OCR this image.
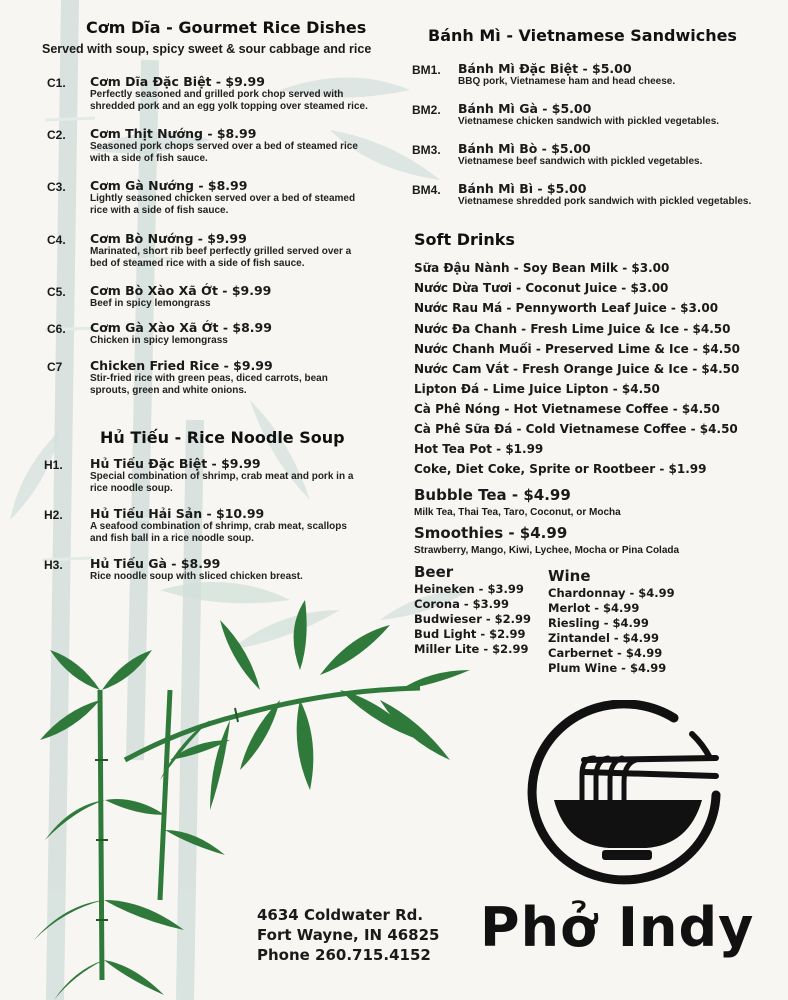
Cơm Dĩa - Gourmet Rice Dishes
Served with soup, spicy sweet & sour cabbage and rice
C1. Cơm Dĩa Đặc Biệt - $9.99
Perfectly seasoned and grilled pork chop served with
shredded pork and an egg yolk topping over steamed rice.
C2. Cơm Thịt Nướng - $8.99
Seasoned pork chops served over a bed of steamed rice
with a side of fish sauce.
C3. Cơm Gà Nướng - $8.99
Lightly seasoned chicken served over a bed of steamed
rice with a side of fish sauce.
C4. Cơm Bò Nướng - $9.99
Marinated, short rib beef perfectly grilled served over a
bed of steamed rice with a side of fish sauce.
C5. Cơm Bò Xào Xã Ớt - $9.99
Beef in spicy lemongrass
C6. Cơm Gà Xào Xã Ớt - $8.99
Chicken in spicy lemongrass
C7 Chicken Fried Rice - $9.99
Stir-fried rice with green peas, diced carrots, bean
sprouts, green and white onions.
Hủ Tiếu - Rice Noodle Soup
H1. Hủ Tiếu Đặc Biệt - $9.99
Special combination of shrimp, crab meat and pork in a
rice noodle soup.
H2. Hủ Tiếu Hải Sản - $10.99
A seafood combination of shrimp, crab meat, scallops
and fish ball in a rice noodle soup.
H3. Hủ Tiếu Gà - $8.99
Rice noodle soup with sliced chicken breast.
Bánh Mì - Vietnamese Sandwiches
BM1. Bánh Mì Đặc Biệt - $5.00
BBQ pork, Vietnamese ham and head cheese.
BM2. Bánh Mì Gà - $5.00
Vietnamese chicken sandwich with pickled vegetables.
BM3. Bánh Mì Bò - $5.00
Vietnamese beef sandwich with pickled vegetables.
BM4. Bánh Mì Bì - $5.00
Vietnamese shredded pork sandwich with pickled vegetables.
Soft Drinks
Sữa Đậu Nành - Soy Bean Milk - $3.00
Nước Dừa Tươi - Coconut Juice - $3.00
Nước Rau Má - Pennyworth Leaf Juice - $3.00
Nước Đa Chanh - Fresh Lime Juice & Ice - $4.50
Nước Chanh Muối - Preserved Lime & Ice - $4.50
Nước Cam Vắt - Fresh Orange Juice & Ice - $4.50
Lipton Đá - Lime Juice Lipton - $4.50
Cà Phê Nóng - Hot Vietnamese Coffee - $4.50
Cà Phê Sữa Đá - Cold Vietnamese Coffee - $4.50
Hot Tea Pot - $1.99
Coke, Diet Coke, Sprite or Rootbeer - $1.99
Bubble Tea - $4.99
Milk Tea, Thai Tea, Taro, Coconut, or Mocha
Smoothies - $4.99
Strawberry, Mango, Kiwi, Lychee, Mocha or Pina Colada
Beer
Heineken - $3.99
Corona - $3.99
Budwieser - $2.99
Bud Light - $2.99
Miller Lite - $2.99
Wine
Chardonnay - $4.99
Merlot - $4.99
Riesling - $4.99
Zintandel - $4.99
Carbernet - $4.99
Plum Wine - $4.99
4634 Coldwater Rd.
Fort Wayne, IN 46825
Phone 260.715.4152 Phở Indy
